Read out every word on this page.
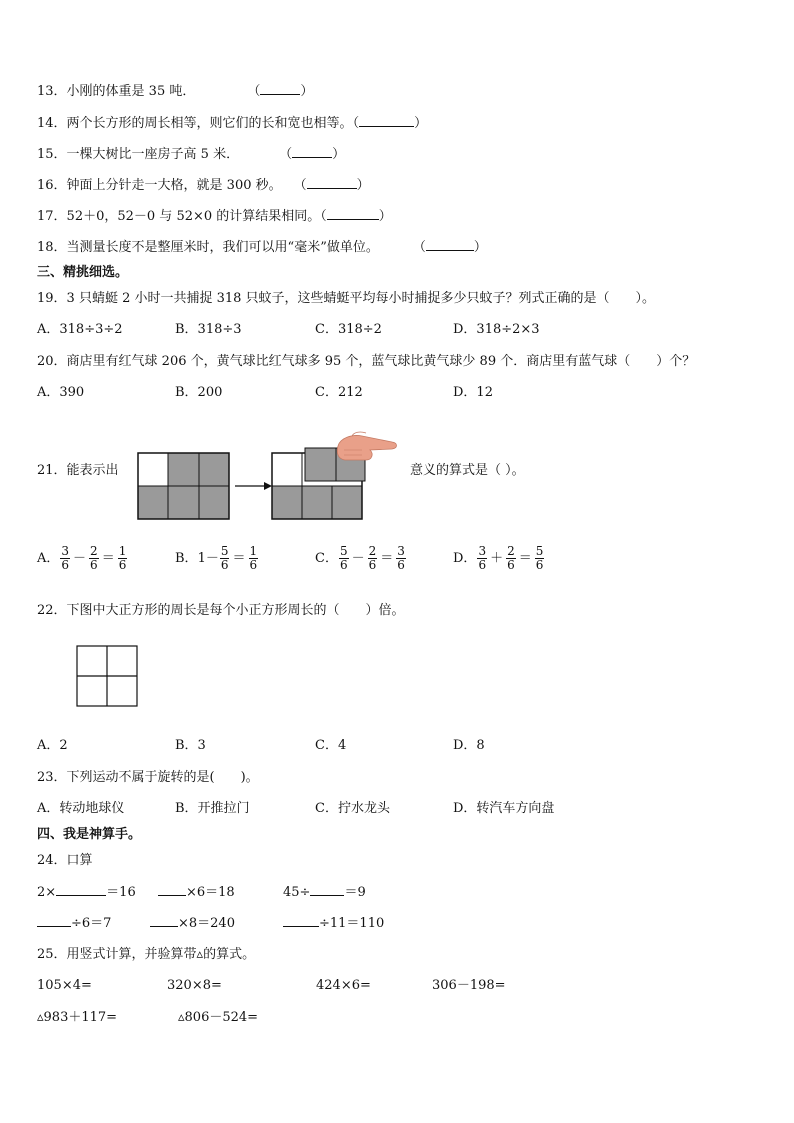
13．小刚的体重是 35 吨．	（	）
14．两个长方形的周长相等，则它们的长和宽也相等。（	）
15．一棵大树比一座房子高 5 米．	（	）
16．钟面上分针走一大格，就是 300 秒。 （	）
17．52＋0，52－0 与 52×0 的计算结果相同。（	）
18．当测量长度不是整厘米时，我们可以用“毫米”做单位。	（	）
三、精挑细选。
19．3 只蜻蜓 2 小时一共捕捉 318 只蚊子，这些蜻蜓平均每小时捕捉多少只蚊子？列式正确的是（　　）。
A．318÷3÷2	B．318÷3	C．318÷2	D．318÷2×3
20．商店里有红气球 206 个，黄气球比红气球多 95 个，蓝气球比黄气球少 89 个．商店里有蓝气球（　　）个？
A．390	B．200	C．212	D．12
21．能表示出	意义的算式是（ ）。
A． $\frac{3}{6} - \frac{2}{6} = \frac{1}{6}$	B． $1- \frac{5}{6} = \frac{1}{6}$	C． $\frac{5}{6} - \frac{2}{6} = \frac{3}{6}$	D． $\frac{3}{6} + \frac{2}{6} = \frac{5}{6}$
22．下图中大正方形的周长是每个小正方形周长的（　　）倍。
A．2	B．3	C．4	D．8
23．下列运动不属于旋转的是(　　)。
A．转动地球仪	B．开推拉门	C．拧水龙头	D．转汽车方向盘
四、我是神算手。
24．口算
2×	＝16	×6＝18	45÷	＝9
÷6＝7	×8＝240	÷11＝110
25．用竖式计算，并验算带▵的算式。
105×4=	320×8=	424×6=	306－198=
▵983＋117=	▵806－524=
